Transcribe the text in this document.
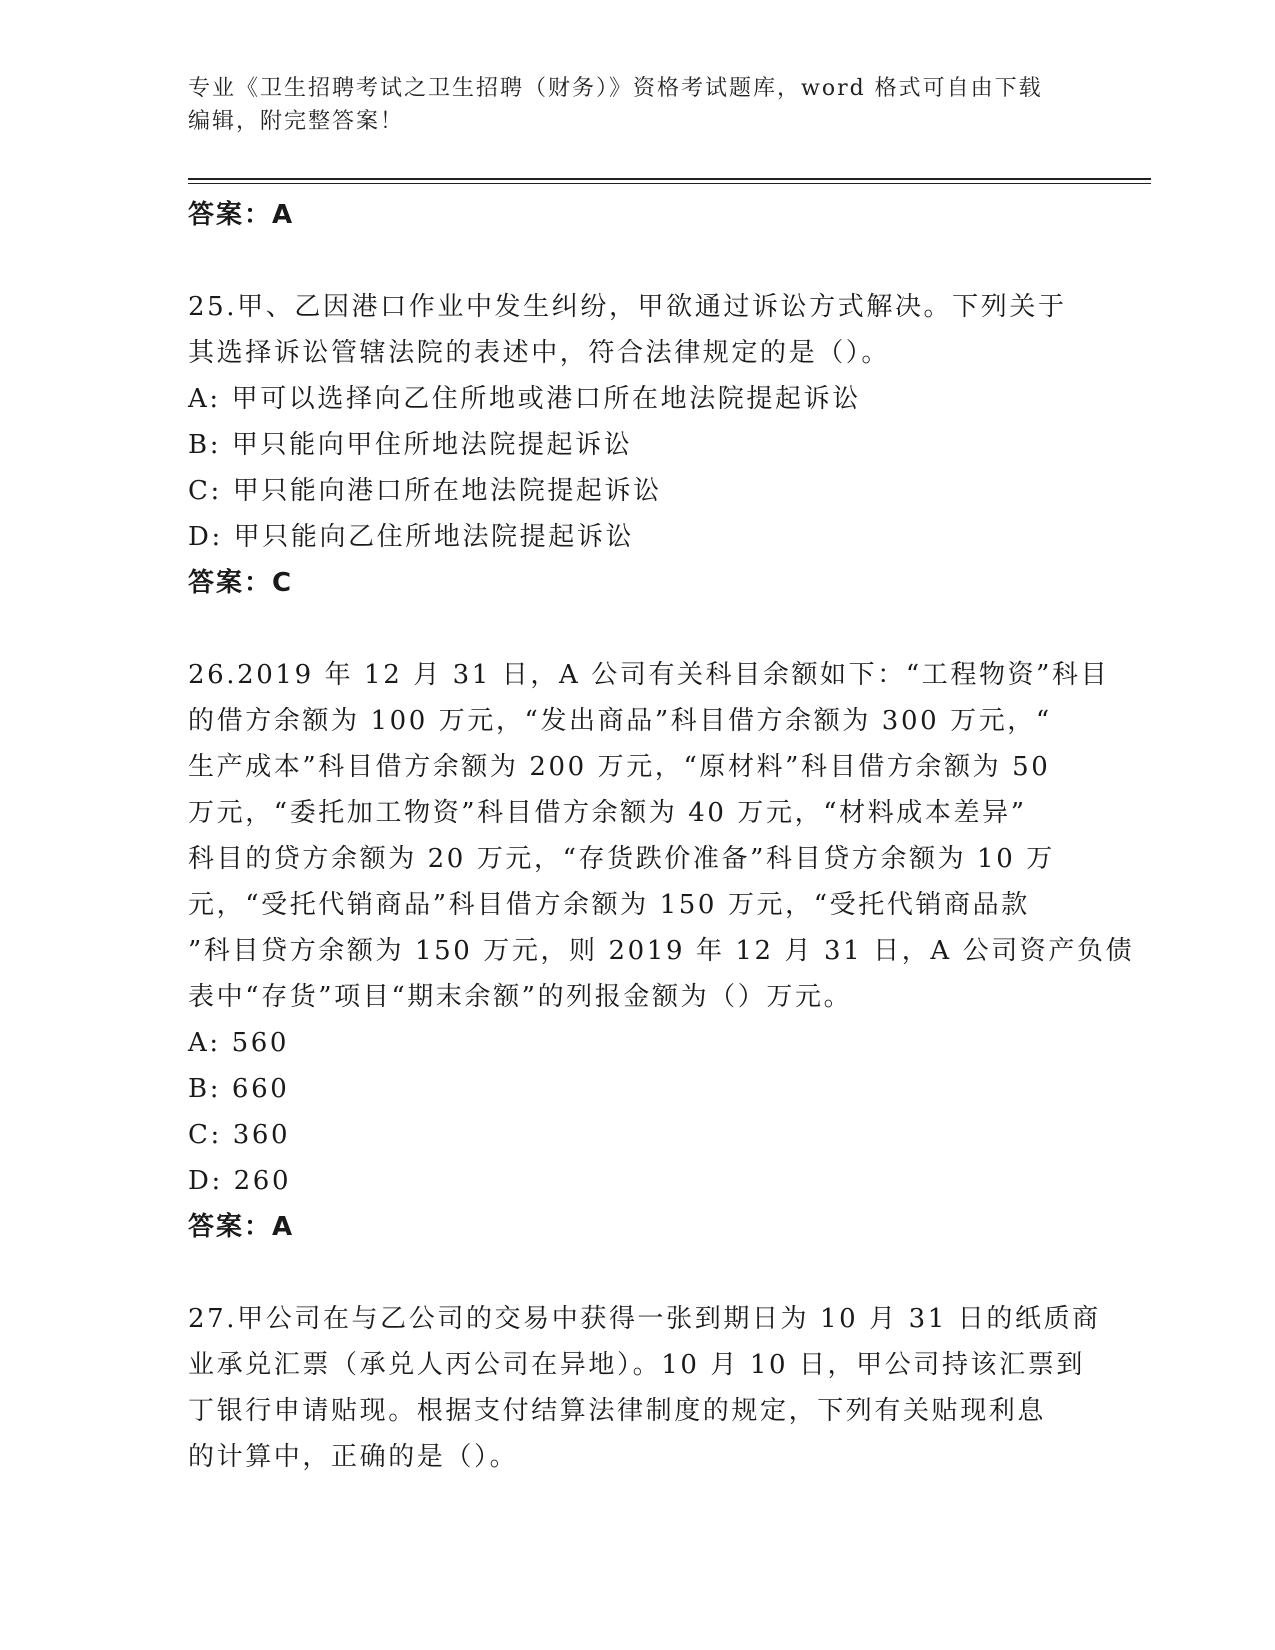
专业《卫生招聘考试之卫生招聘（财务）》资格考试题库，word 格式可自由下载
编辑，附完整答案！
答案：A
25.甲、乙因港口作业中发生纠纷，甲欲通过诉讼方式解决。下列关于
其选择诉讼管辖法院的表述中，符合法律规定的是（）。
A: 甲可以选择向乙住所地或港口所在地法院提起诉讼
B: 甲只能向甲住所地法院提起诉讼
C: 甲只能向港口所在地法院提起诉讼
D: 甲只能向乙住所地法院提起诉讼
答案：C
26.2019 年 12 月 31 日，A 公司有关科目余额如下：“工程物资”科目
的借方余额为 100 万元，“发出商品”科目借方余额为 300 万元，“
生产成本”科目借方余额为 200 万元，“原材料”科目借方余额为 50
万元，“委托加工物资”科目借方余额为 40 万元，“材料成本差异”
科目的贷方余额为 20 万元，“存货跌价准备”科目贷方余额为 10 万
元，“受托代销商品”科目借方余额为 150 万元，“受托代销商品款
”科目贷方余额为 150 万元，则 2019 年 12 月 31 日，A 公司资产负债
表中“存货”项目“期末余额”的列报金额为（）万元。
A: 560
B: 660
C: 360
D: 260
答案：A
27.甲公司在与乙公司的交易中获得一张到期日为 10 月 31 日的纸质商
业承兑汇票（承兑人丙公司在异地）。10 月 10 日，甲公司持该汇票到
丁银行申请贴现。根据支付结算法律制度的规定，下列有关贴现利息
的计算中，正确的是（）。
